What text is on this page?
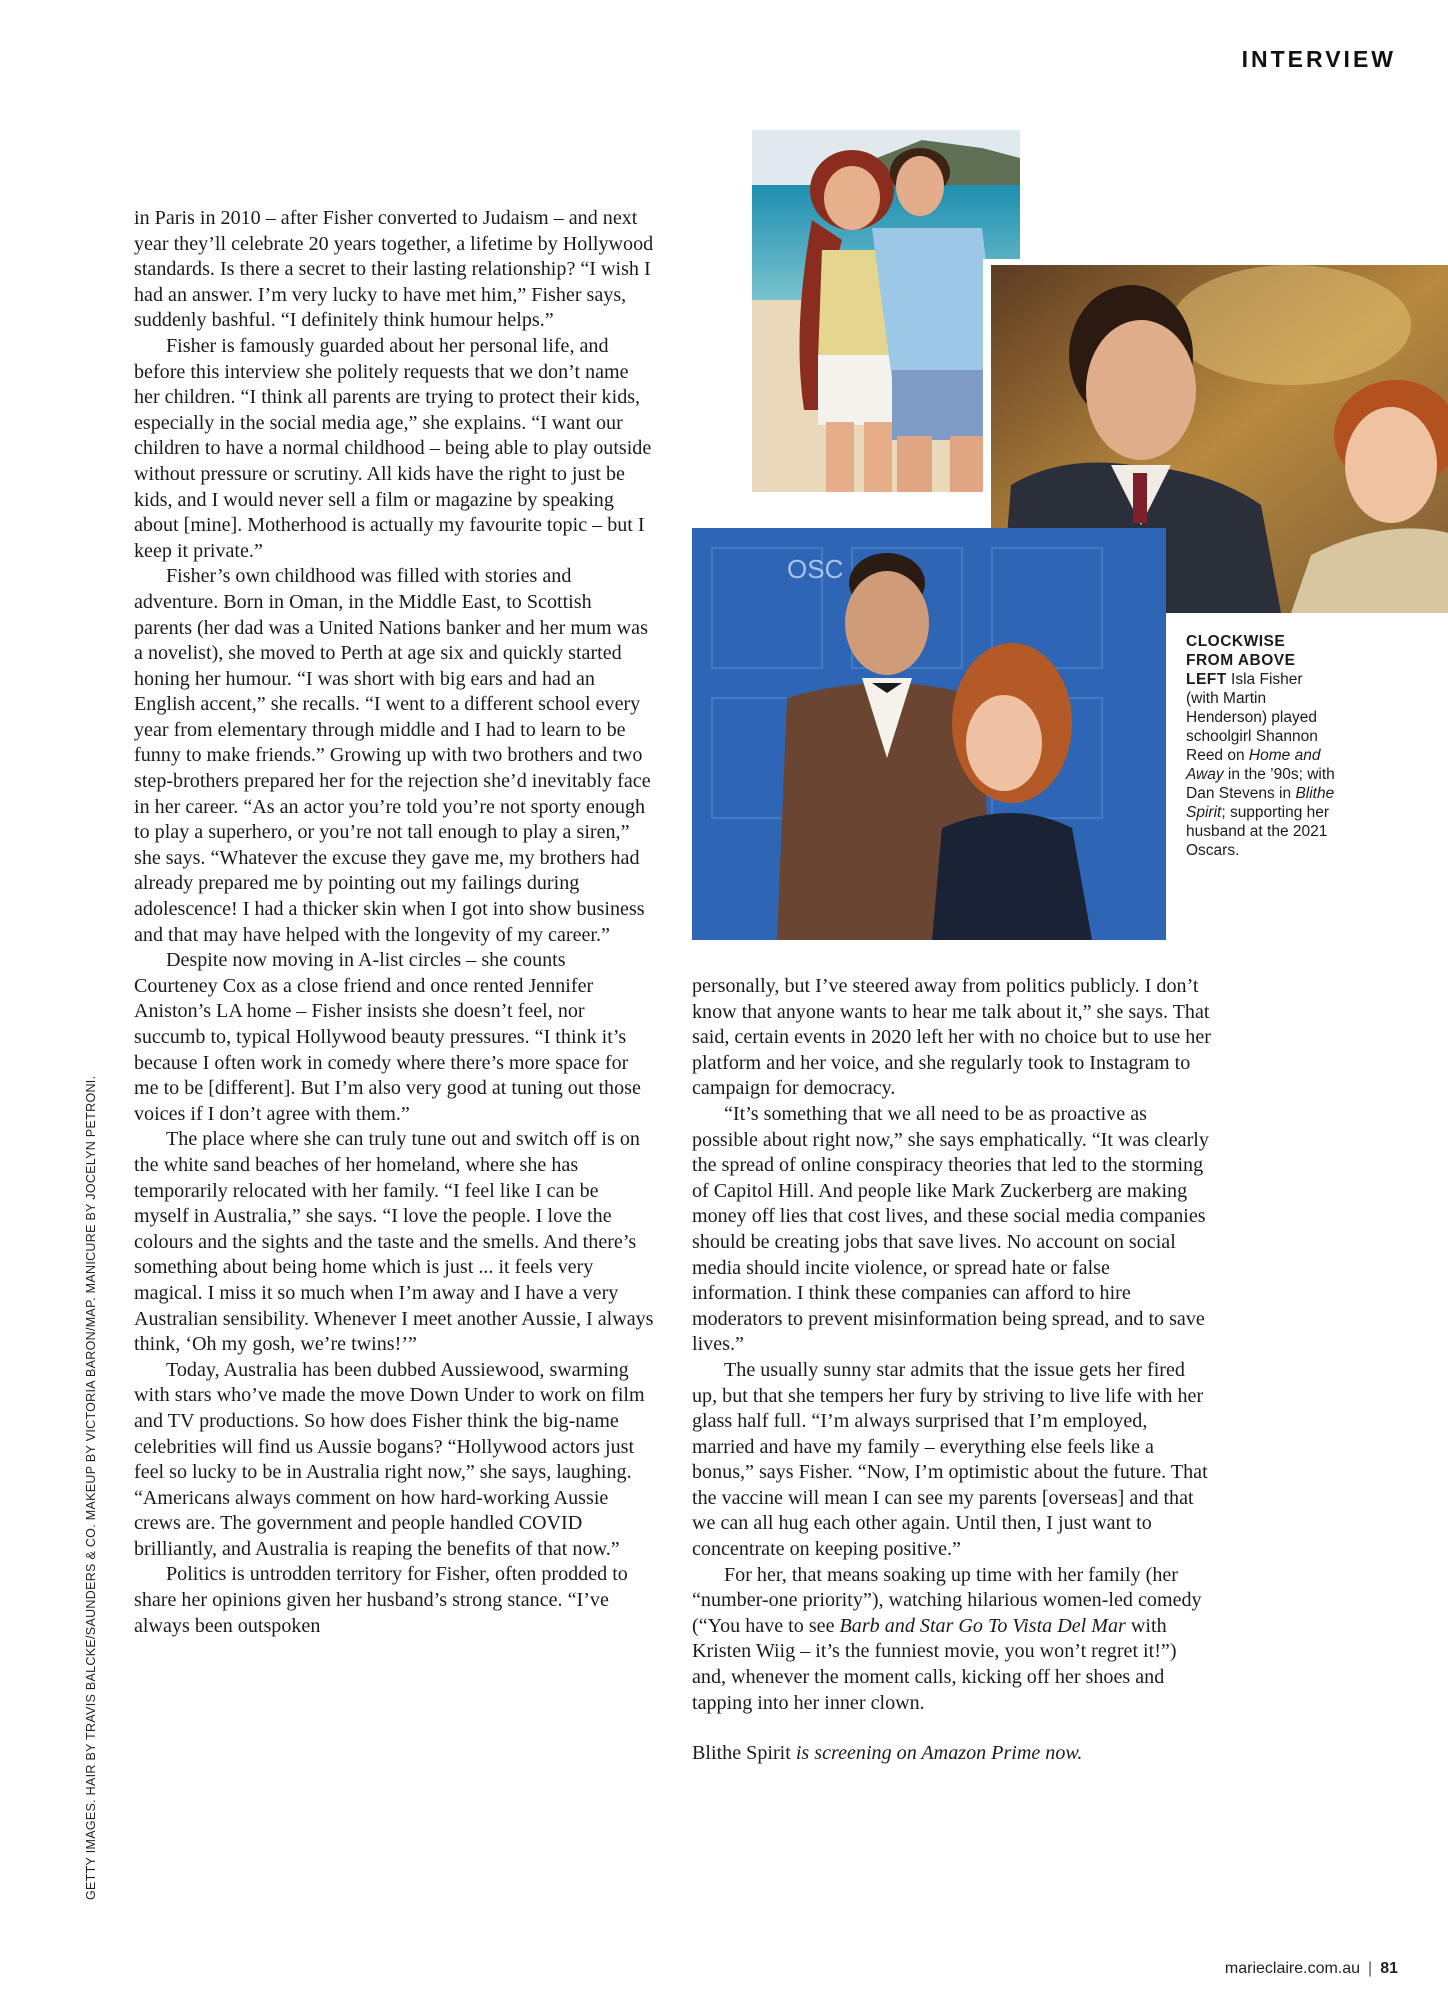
INTERVIEW
GETTY IMAGES. HAIR BY TRAVIS BALCKE/SAUNDERS & CO. MAKEUP BY VICTORIA BARON/MAP. MANICURE BY JOCELYN PETRONI.

in Paris in 2010 – after Fisher converted to Judaism – and next year they’ll celebrate 20 years together, a lifetime by Hollywood standards. Is there a secret to their lasting relationship? “I wish I had an answer. I’m very lucky to have met him,” Fisher says, suddenly bashful. “I definitely think humour helps.”

Fisher is famously guarded about her personal life, and before this interview she politely requests that we don’t name her children. “I think all parents are trying to protect their kids, especially in the social media age,” she explains. “I want our children to have a normal childhood – being able to play outside without pressure or scrutiny. All kids have the right to just be kids, and I would never sell a film or magazine by speaking about [mine]. Motherhood is actually my favourite topic – but I keep it private.”

Fisher’s own childhood was filled with stories and adventure. Born in Oman, in the Middle East, to Scottish parents (her dad was a United Nations banker and her mum was a novelist), she moved to Perth at age six and quickly started honing her humour. “I was short with big ears and had an English accent,” she recalls. “I went to a different school every year from elementary through middle and I had to learn to be funny to make friends.” Growing up with two brothers and two step-brothers prepared her for the rejection she’d inevitably face in her career. “As an actor you’re told you’re not sporty enough to play a superhero, or you’re not tall enough to play a siren,” she says. “Whatever the excuse they gave me, my brothers had already prepared me by pointing out my failings during adolescence! I had a thicker skin when I got into show business and that may have helped with the longevity of my career.”

Despite now moving in A-list circles – she counts Courteney Cox as a close friend and once rented Jennifer Aniston’s LA home – Fisher insists she doesn’t feel, nor succumb to, typical Hollywood beauty pressures. “I think it’s because I often work in comedy where there’s more space for me to be [different]. But I’m also very good at tuning out those voices if I don’t agree with them.”

The place where she can truly tune out and switch off is on the white sand beaches of her homeland, where she has temporarily relocated with her family. “I feel like I can be myself in Australia,” she says. “I love the people. I love the colours and the sights and the taste and the smells. And there’s something about being home which is just ... it feels very magical. I miss it so much when I’m away and I have a very Australian sensibility. Whenever I meet another Aussie, I always think, ‘Oh my gosh, we’re twins!’”

Today, Australia has been dubbed Aussiewood, swarming with stars who’ve made the move Down Under to work on film and TV productions. So how does Fisher think the big-name celebrities will find us Aussie bogans? “Hollywood actors just feel so lucky to be in Australia right now,” she says, laughing. “Americans always comment on how hard-working Aussie crews are. The government and people handled COVID brilliantly, and Australia is reaping the benefits of that now.”

Politics is untrodden territory for Fisher, often prodded to share her opinions given her husband’s strong stance. “I’ve always been outspoken

OSC
CLOCKWISE FROM ABOVE LEFT Isla Fisher (with Martin Henderson) played schoolgirl Shannon Reed on Home and Away in the ’90s; with Dan Stevens in Blithe Spirit; supporting her husband at the 2021 Oscars.

personally, but I’ve steered away from politics publicly. I don’t know that anyone wants to hear me talk about it,” she says. That said, certain events in 2020 left her with no choice but to use her platform and her voice, and she regularly took to Instagram to campaign for democracy.

“It’s something that we all need to be as proactive as possible about right now,” she says emphatically. “It was clearly the spread of online conspiracy theories that led to the storming of Capitol Hill. And people like Mark Zuckerberg are making money off lies that cost lives, and these social media companies should be creating jobs that save lives. No account on social media should incite violence, or spread hate or false information. I think these companies can afford to hire moderators to prevent misinformation being spread, and to save lives.”

The usually sunny star admits that the issue gets her fired up, but that she tempers her fury by striving to live life with her glass half full. “I’m always surprised that I’m employed, married and have my family – everything else feels like a bonus,” says Fisher. “Now, I’m optimistic about the future. That the vaccine will mean I can see my parents [overseas] and that we can all hug each other again. Until then, I just want to concentrate on keeping positive.”

For her, that means soaking up time with her family (her “number-one priority”), watching hilarious women-led comedy (“You have to see Barb and Star Go To Vista Del Mar with Kristen Wiig – it’s the funniest movie, you won’t regret it!”) and, whenever the moment calls, kicking off her shoes and tapping into her inner clown.

Blithe Spirit is screening on Amazon Prime now.

marieclaire.com.au | 81
